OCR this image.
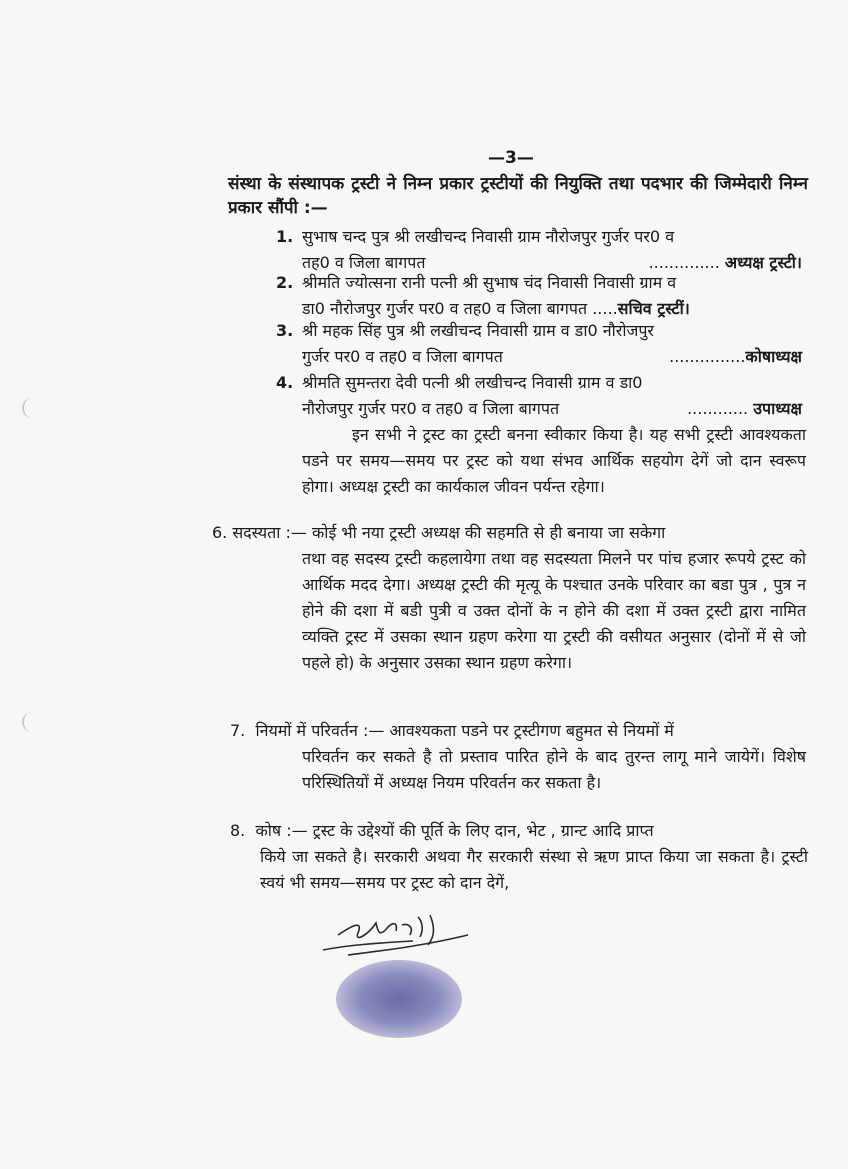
—3—
संस्था के संस्थापक ट्रस्टी ने निम्न प्रकार ट्रस्टीयों की नियुक्ति तथा पदभार की जिम्मेदारी निम्न प्रकार सौंपी :—
1. सुभाष चन्द पुत्र श्री लखीचन्द निवासी ग्राम नौरोजपुर गुर्जर पर0 व
तह0 व जिला बागपत	.............. अध्यक्ष ट्रस्टी।
2. श्रीमति ज्योत्सना रानी पत्नी श्री सुभाष चंद निवासी निवासी ग्राम व
डा0 नौरोजपुर गुर्जर पर0 व तह0 व जिला बागपत .....सचिव ट्रस्टीं।
3. श्री महक सिंह पुत्र श्री लखीचन्द निवासी ग्राम व डा0 नौरोजपुर
गुर्जर पर0 व तह0 व जिला बागपत	...............कोषाध्यक्ष
4. श्रीमति सुमन्तरा देवी पत्नी श्री लखीचन्द निवासी ग्राम व डा0
नौरोजपुर गुर्जर पर0 व तह0 व जिला बागपत	............ उपाध्यक्ष
इन सभी ने ट्रस्ट का ट्रस्टी बनना स्वीकार किया है। यह सभी ट्रस्टी आवश्यकता पडने पर समय—समय पर ट्रस्ट को यथा संभव आर्थिक सहयोग देगें जो दान स्वरूप होगा। अध्यक्ष ट्रस्टी का कार्यकाल जीवन पर्यन्त रहेगा।
6. सदस्यता :— कोई भी नया ट्रस्टी अध्यक्ष की सहमति से ही बनाया जा सकेगा
तथा वह सदस्य ट्रस्टी कहलायेगा तथा वह सदस्यता मिलने पर पांच हजार रूपये ट्रस्ट को आर्थिक मदद देगा। अध्यक्ष ट्रस्टी की मृत्यू के पश्चात उनके परिवार का बडा पुत्र , पुत्र न होने की दशा में बडी पुत्री व उक्त दोनों के न होने की दशा में उक्त ट्रस्टी द्वारा नामित व्यक्ति ट्रस्ट में उसका स्थान ग्रहण करेगा या ट्रस्टी की वसीयत अनुसार (दोनों में से जो पहले हो) के अनुसार उसका स्थान ग्रहण करेगा।
7. नियमों में परिवर्तन :— आवश्यकता पडने पर ट्रस्टीगण बहुमत से नियमों में
परिवर्तन कर सकते है तो प्रस्ताव पारित होने के बाद तुरन्त लागू माने जायेगें। विशेष परिस्थितियों में अध्यक्ष नियम परिवर्तन कर सकता है।
8. कोष :— ट्रस्ट के उद्देश्यों की पूर्ति के लिए दान, भेट , ग्रान्ट आदि प्राप्त
किये जा सकते है। सरकारी अथवा गैर सरकारी संस्था से ऋण प्राप्त किया जा सकता है। ट्रस्टी स्वयं भी समय—समय पर ट्रस्ट को दान देगें,
